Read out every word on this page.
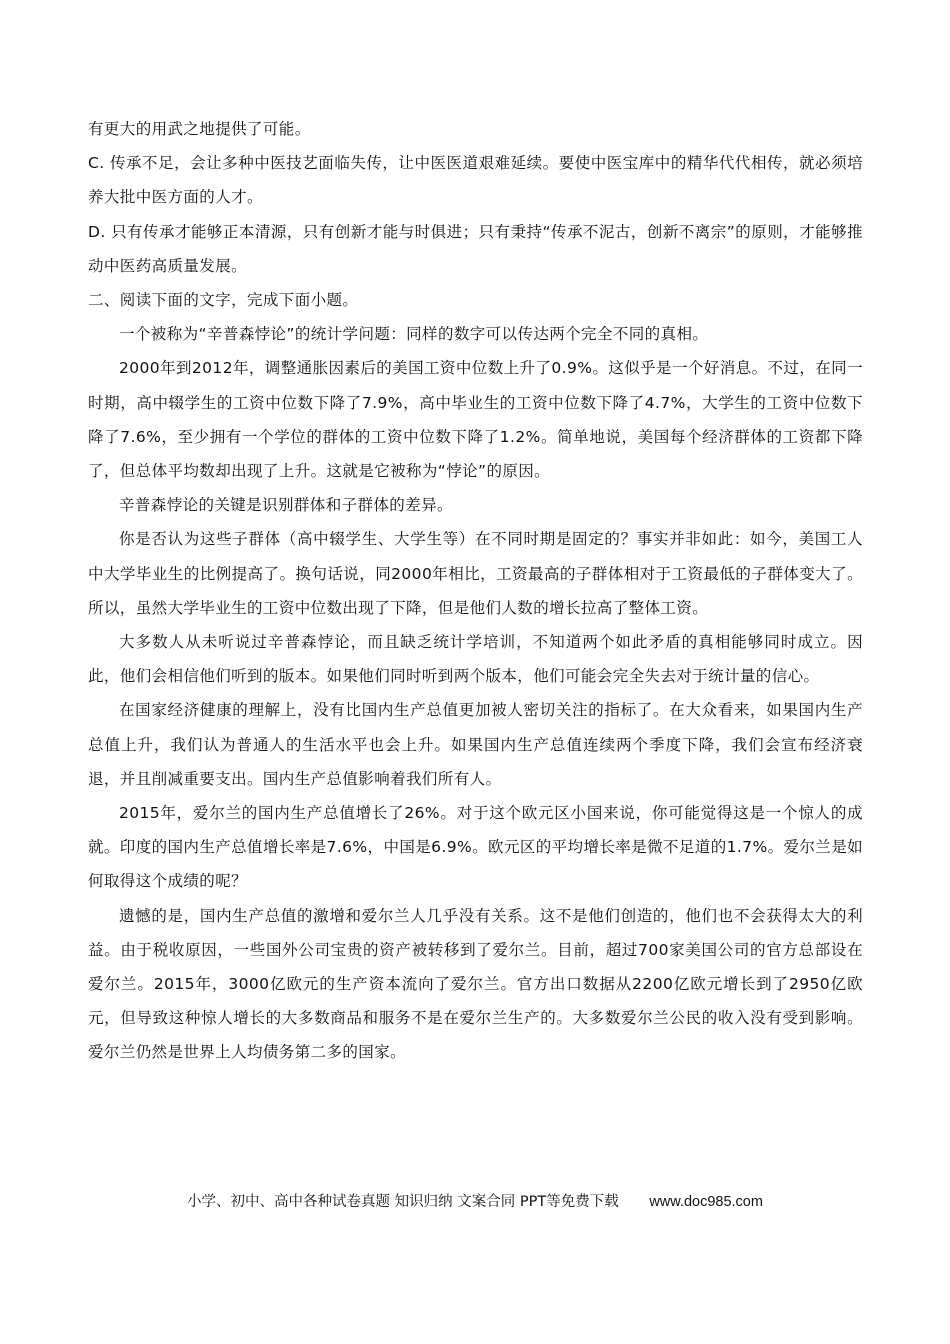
有更大的用武之地提供了可能。

C. 传承不足，会让多种中医技艺面临失传，让中医医道艰难延续。要使中医宝库中的精华代代相传，就必须培养大批中医方面的人才。

D. 只有传承才能够正本清源，只有创新才能与时俱进；只有秉持“传承不泥古，创新不离宗”的原则，才能够推动中医药高质量发展。

二、阅读下面的文字，完成下面小题。

一个被称为“辛普森悖论”的统计学问题：同样的数字可以传达两个完全不同的真相。

2000年到2012年，调整通胀因素后的美国工资中位数上升了0.9%。这似乎是一个好消息。不过，在同一时期，高中辍学生的工资中位数下降了7.9%，高中毕业生的工资中位数下降了4.7%，大学生的工资中位数下降了7.6%，至少拥有一个学位的群体的工资中位数下降了1.2%。简单地说，美国每个经济群体的工资都下降了，但总体平均数却出现了上升。这就是它被称为“悖论”的原因。

辛普森悖论的关键是识别群体和子群体的差异。

你是否认为这些子群体（高中辍学生、大学生等）在不同时期是固定的？事实并非如此：如今，美国工人中大学毕业生的比例提高了。换句话说，同2000年相比，工资最高的子群体相对于工资最低的子群体变大了。所以，虽然大学毕业生的工资中位数出现了下降，但是他们人数的增长拉高了整体工资。

大多数人从未听说过辛普森悖论，而且缺乏统计学培训，不知道两个如此矛盾的真相能够同时成立。因此，他们会相信他们听到的版本。如果他们同时听到两个版本，他们可能会完全失去对于统计量的信心。

在国家经济健康的理解上，没有比国内生产总值更加被人密切关注的指标了。在大众看来，如果国内生产总值上升，我们认为普通人的生活水平也会上升。如果国内生产总值连续两个季度下降，我们会宣布经济衰退，并且削减重要支出。国内生产总值影响着我们所有人。

2015年，爱尔兰的国内生产总值增长了26%。对于这个欧元区小国来说，你可能觉得这是一个惊人的成就。印度的国内生产总值增长率是7.6%，中国是6.9%。欧元区的平均增长率是微不足道的1.7%。爱尔兰是如何取得这个成绩的呢？

遗憾的是，国内生产总值的激增和爱尔兰人几乎没有关系。这不是他们创造的，他们也不会获得太大的利益。由于税收原因，一些国外公司宝贵的资产被转移到了爱尔兰。目前，超过700家美国公司的官方总部设在爱尔兰。2015年，3000亿欧元的生产资本流向了爱尔兰。官方出口数据从2200亿欧元增长到了2950亿欧元，但导致这种惊人增长的大多数商品和服务不是在爱尔兰生产的。大多数爱尔兰公民的收入没有受到影响。爱尔兰仍然是世界上人均债务第二多的国家。

小学、初中、高中各种试卷真题 知识归纳 文案合同 PPT等免费下载 www.doc985.com
